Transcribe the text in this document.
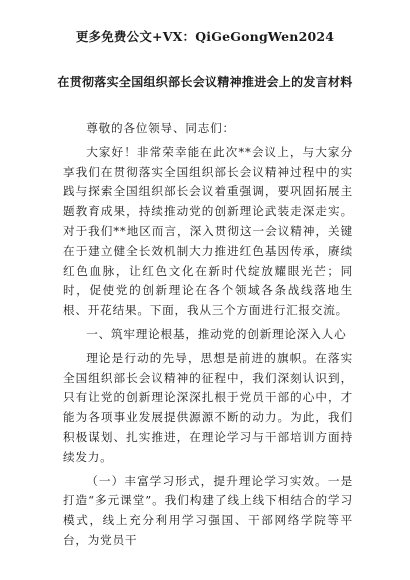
更多免费公文+VX：QiGeGongWen2024
在贯彻落实全国组织部长会议精神推进会上的发言材料

尊敬的各位领导、同志们：

大家好！非常荣幸能在此次**会议上，与大家分享我们在贯彻落实全国组织部长会议精神过程中的实践与探索全国组织部长会议着重强调，要巩固拓展主题教育成果，持续推动党的创新理论武装走深走实。对于我们**地区而言，深入贯彻这一会议精神，关键在于建立健全长效机制大力推进红色基因传承，赓续红色血脉，让红色文化在新时代绽放耀眼光芒；同时，促使党的创新理论在各个领域各条战线落地生根、开花结果。下面，我从三个方面进行汇报交流。

一、筑牢理论根基，推动党的创新理论深入人心

理论是行动的先导，思想是前进的旗帜。在落实全国组织部长会议精神的征程中，我们深刻认识到，只有让党的创新理论深深扎根于党员干部的心中，才能为各项事业发展提供源源不断的动力。为此，我们积极谋划、扎实推进，在理论学习与干部培训方面持续发力。

（一）丰富学习形式，提升理论学习实效。一是打造“多元课堂”。我们构建了线上线下相结合的学习模式，线上充分利用学习强国、干部网络学院等平台，为党员干
